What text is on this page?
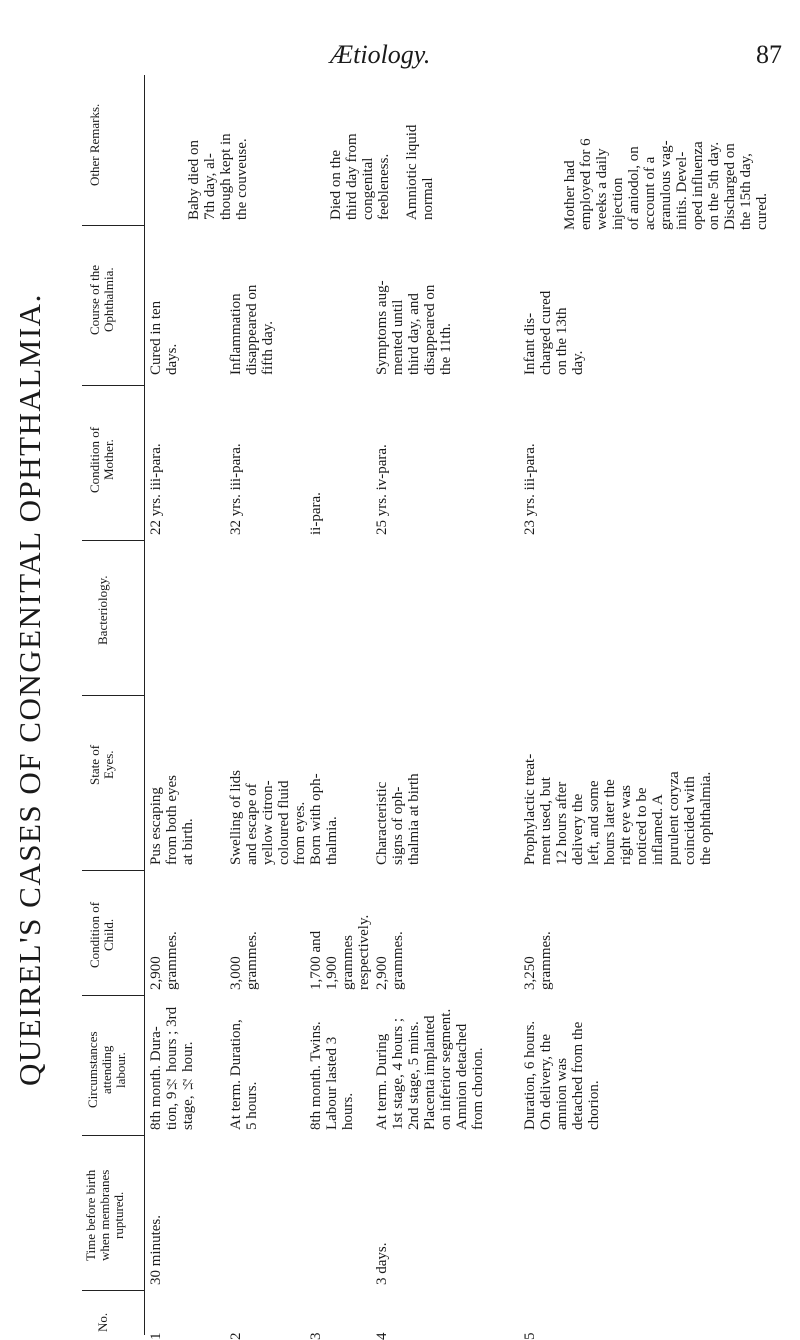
QUEIREL'S CASES OF CONGENITAL OPHTHALMIA.
Ætiology.	87
Other Remarks.
Course of the
Ophthalmia.
Condition of
Mother.
Bacteriology.
State of
Eyes.
Condition of
Child.
Circumstances
attending
labour.
Time before birth
when membranes
ruptured.
No.
Baby died on
7th day, al-
though kept in
the couveuse.
Cured in ten
days.
22 yrs. iii-para.
Pus escaping
from both eyes
at birth.
2,900
grammes.
8th month. Dura-
tion, 9½ hours ; 3rd
stage, ½ hour.
30 minutes.
1
Inflammation
disappeared on
fifth day.
32 yrs. iii-para.
Swelling of lids
and escape of
yellow citron-
coloured fluid
from eyes.
3,000
grammes.
At term. Duration,
5 hours.
2
Died on the
third day from
congenital
feebleness.
ii-para.
Born with oph-
thalmia.
1,700 and
1,900
grammes
respectively.
8th month. Twins.
Labour lasted 3
hours.
3
Amniotic liquid
normal
Symptoms aug-
mented until
third day, and
disappeared on
the 11th.
25 yrs. iv-para.
Characteristic
signs of oph-
thalmia at birth
2,900
grammes.
At term. During
1st stage, 4 hours ;
2nd stage, 5 mins.
Placenta implanted
on inferior segment.
Amnion detached
from chorion.
3 days.
4
Mother had
employed for 6
weeks a daily
injection
of aniodol, on
account of a
granulous vag-
initis. Devel-
oped influenza
on the 5th day.
Discharged on
the 15th day,
cured.
Infant dis-
charged cured
on the 13th
day.
23 yrs. iii-para.
Prophylactic treat-
ment used, but
12 hours after
delivery the
left, and some
hours later the
right eye was
noticed to be
inflamed. A
purulent coryza
coincided with
the ophthalmia.
3,250
grammes.
Duration, 6 hours.
On delivery, the
amnion was
detached from the
chorion.
5
